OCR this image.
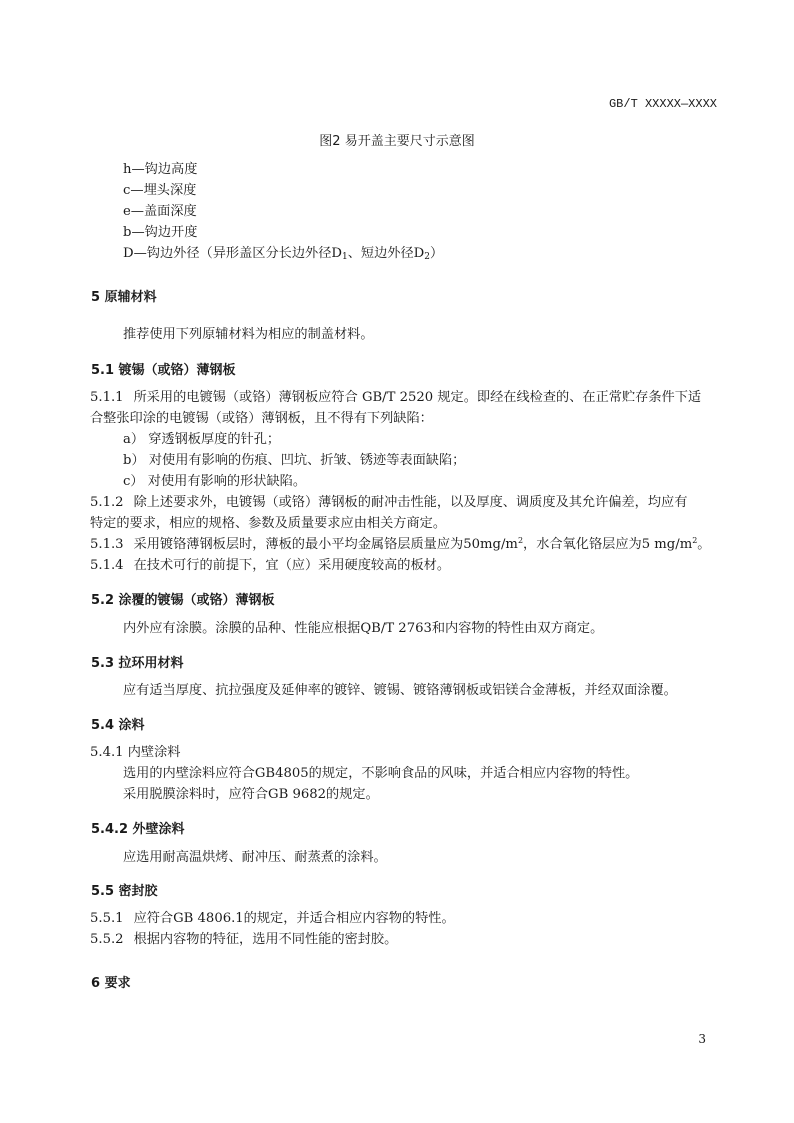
GB/T XXXXX—XXXX
图2 易开盖主要尺寸示意图
h—钩边高度
c—埋头深度
e—盖面深度
b—钩边开度
D—钩边外径（异形盖区分长边外径$D_1$、短边外径$D_2$）
5 原辅材料
推荐使用下列原辅材料为相应的制盖材料。
5.1 镀锡（或铬）薄钢板
5.1.1 所采用的电镀锡（或铬）薄钢板应符合 GB/T 2520 规定。即经在线检查的、在正常贮存条件下适
合整张印涂的电镀锡（或铬）薄钢板，且不得有下列缺陷：
a） 穿透钢板厚度的针孔；
b） 对使用有影响的伤痕、凹坑、折皱、锈迹等表面缺陷；
c） 对使用有影响的形状缺陷。
5.1.2 除上述要求外，电镀锡（或铬）薄钢板的耐冲击性能，以及厚度、调质度及其允许偏差，均应有
特定的要求，相应的规格、参数及质量要求应由相关方商定。
5.1.3 采用镀铬薄钢板层时，薄板的最小平均金属铬层质量应为$50mg/m^2$，水合氧化铬层应为5 $mg/m^2$。
5.1.4 在技术可行的前提下，宜（应）采用硬度较高的板材。
5.2 涂覆的镀锡（或铬）薄钢板
内外应有涂膜。涂膜的品种、性能应根据QB/T 2763和内容物的特性由双方商定。
5.3 拉环用材料
应有适当厚度、抗拉强度及延伸率的镀锌、镀锡、镀铬薄钢板或铝镁合金薄板，并经双面涂覆。
5.4 涂料
5.4.1 内壁涂料
选用的内壁涂料应符合GB4805的规定，不影响食品的风味，并适合相应内容物的特性。
采用脱膜涂料时，应符合GB 9682的规定。
5.4.2 外壁涂料
应选用耐高温烘烤、耐冲压、耐蒸煮的涂料。
5.5 密封胶
5.5.1 应符合GB 4806.1的规定，并适合相应内容物的特性。
5.5.2 根据内容物的特征，选用不同性能的密封胶。
6 要求
3
